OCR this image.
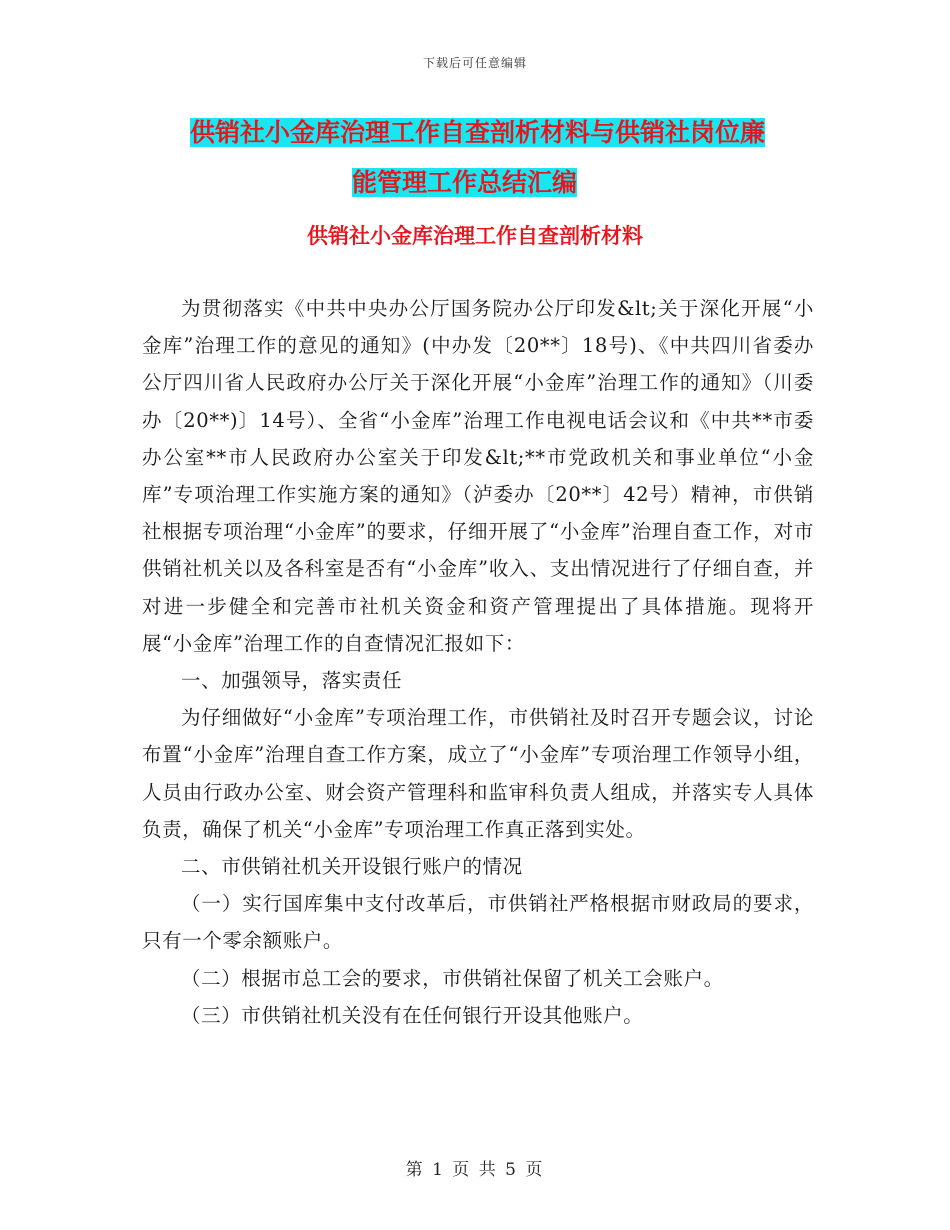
下载后可任意编辑
供销社小金库治理工作自查剖析材料与供销社岗位廉
能管理工作总结汇编
供销社小金库治理工作自查剖析材料

为贯彻落实《中共中央办公厅国务院办公厅印发&lt;关于深化开展“小金库”治理工作的意见的通知》(中办发〔20**〕18号)、《中共四川省委办公厅四川省人民政府办公厅关于深化开展“小金库”治理工作的通知》（川委办〔20**)〕14号）、全省“小金库”治理工作电视电话会议和《中共**市委办公室**市人民政府办公室关于印发&lt;**市党政机关和事业单位“小金库”专项治理工作实施方案的通知》（泸委办〔20**〕42号）精神，市供销社根据专项治理“小金库”的要求，仔细开展了“小金库”治理自查工作，对市供销社机关以及各科室是否有“小金库”收入、支出情况进行了仔细自查，并对进一步健全和完善市社机关资金和资产管理提出了具体措施。现将开展“小金库”治理工作的自查情况汇报如下：

一、加强领导，落实责任

为仔细做好“小金库”专项治理工作，市供销社及时召开专题会议，讨论布置“小金库”治理自查工作方案，成立了“小金库”专项治理工作领导小组，人员由行政办公室、财会资产管理科和监审科负责人组成，并落实专人具体负责，确保了机关“小金库”专项治理工作真正落到实处。

二、市供销社机关开设银行账户的情况

（一）实行国库集中支付改革后，市供销社严格根据市财政局的要求，只有一个零余额账户。

（二）根据市总工会的要求，市供销社保留了机关工会账户。

（三）市供销社机关没有在任何银行开设其他账户。

第 1 页 共 5 页
